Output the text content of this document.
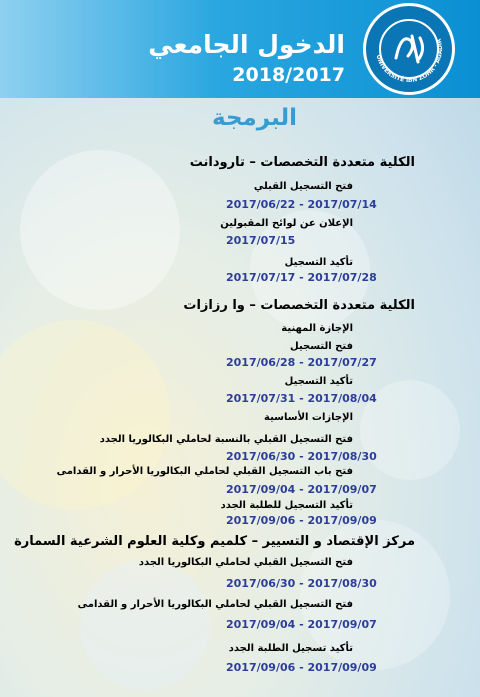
UNIVERSITÉ IBN ZOHR - AGADIR
الدخول الجامعي
2018/2017
البرمجة
الكلية متعددة التخصصات – تارودانت
فتح التسجيل القبلي
2017/06/22 - 2017/07/14
الإعلان عن لوائح المقبولين
2017/07/15
تأكيد التسجيل
2017/07/17 - 2017/07/28
الكلية متعددة التخصصات – وا رزازات
الإجازة المهنية
فتح التسجيل
2017/06/28 - 2017/07/27
تأكيد التسجيل
2017/07/31 - 2017/08/04
الإجازات الأساسية
فتح التسجيل القبلي بالنسبة لحاملي البكالوريا الجدد
2017/06/30 - 2017/08/30
فتح باب التسجيل القبلي لحاملي البكالوريا الأحرار و القدامى
2017/09/04 - 2017/09/07
تأكيد التسجيل للطلبة الجدد
2017/09/06 - 2017/09/09
مركز الإقتصاد و التسيير – كلميم وكلية العلوم الشرعية السمارة
فتح التسجيل القبلي لحاملي البكالوريا الجدد
2017/06/30 - 2017/08/30
فتح التسجيل القبلي لحاملي البكالوريا الأحرار و القدامى
2017/09/04 - 2017/09/07
تأكيد تسجيل الطلبة الجدد
2017/09/06 - 2017/09/09
